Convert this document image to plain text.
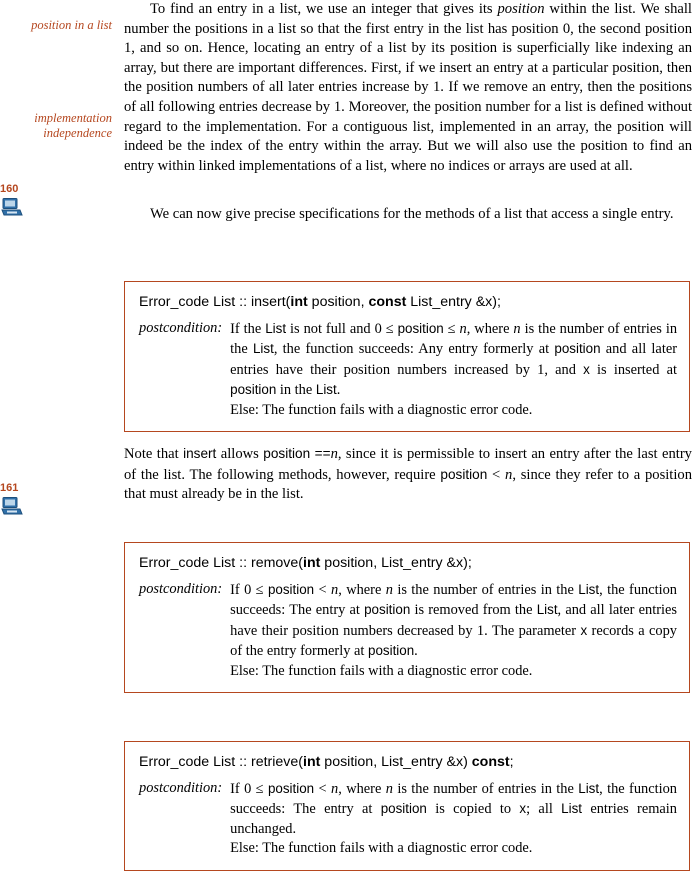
position in a list
implementation
independence
160
161

To find an entry in a list, we use an integer that gives its position within the list. We shall number the positions in a list so that the first entry in the list has position 0, the second position 1, and so on. Hence, locating an entry of a list by its position is superficially like indexing an array, but there are important differences. First, if we insert an entry at a particular position, then the position numbers of all later entries increase by 1. If we remove an entry, then the positions of all following entries decrease by 1. Moreover, the position number for a list is defined without regard to the implementation. For a contiguous list, implemented in an array, the position will indeed be the index of the entry within the array. But we will also use the position to find an entry within linked implementations of a list, where no indices or arrays are used at all.

We can now give precise specifications for the methods of a list that access a single entry.

Error_code List :: insert(int position, const List_entry &x);
postcondition: If the List is not full and 0 ≤ position ≤ n, where n is the number of entries in the List, the function succeeds: Any entry formerly at position and all later entries have their position numbers increased by 1, and x is inserted at position in the List.
Else: The function fails with a diagnostic error code.

Note that insert allows position ==n, since it is permissible to insert an entry after the last entry of the list. The following methods, however, require position < n, since they refer to a position that must already be in the list.

Error_code List :: remove(int position, List_entry &x);
postcondition: If 0 ≤ position < n, where n is the number of entries in the List, the function succeeds: The entry at position is removed from the List, and all later entries have their position numbers decreased by 1. The parameter x records a copy of the entry formerly at position.
Else: The function fails with a diagnostic error code.
Error_code List :: retrieve(int position, List_entry &x) const;
postcondition: If 0 ≤ position < n, where n is the number of entries in the List, the function succeeds: The entry at position is copied to x; all List entries remain unchanged.
Else: The function fails with a diagnostic error code.
